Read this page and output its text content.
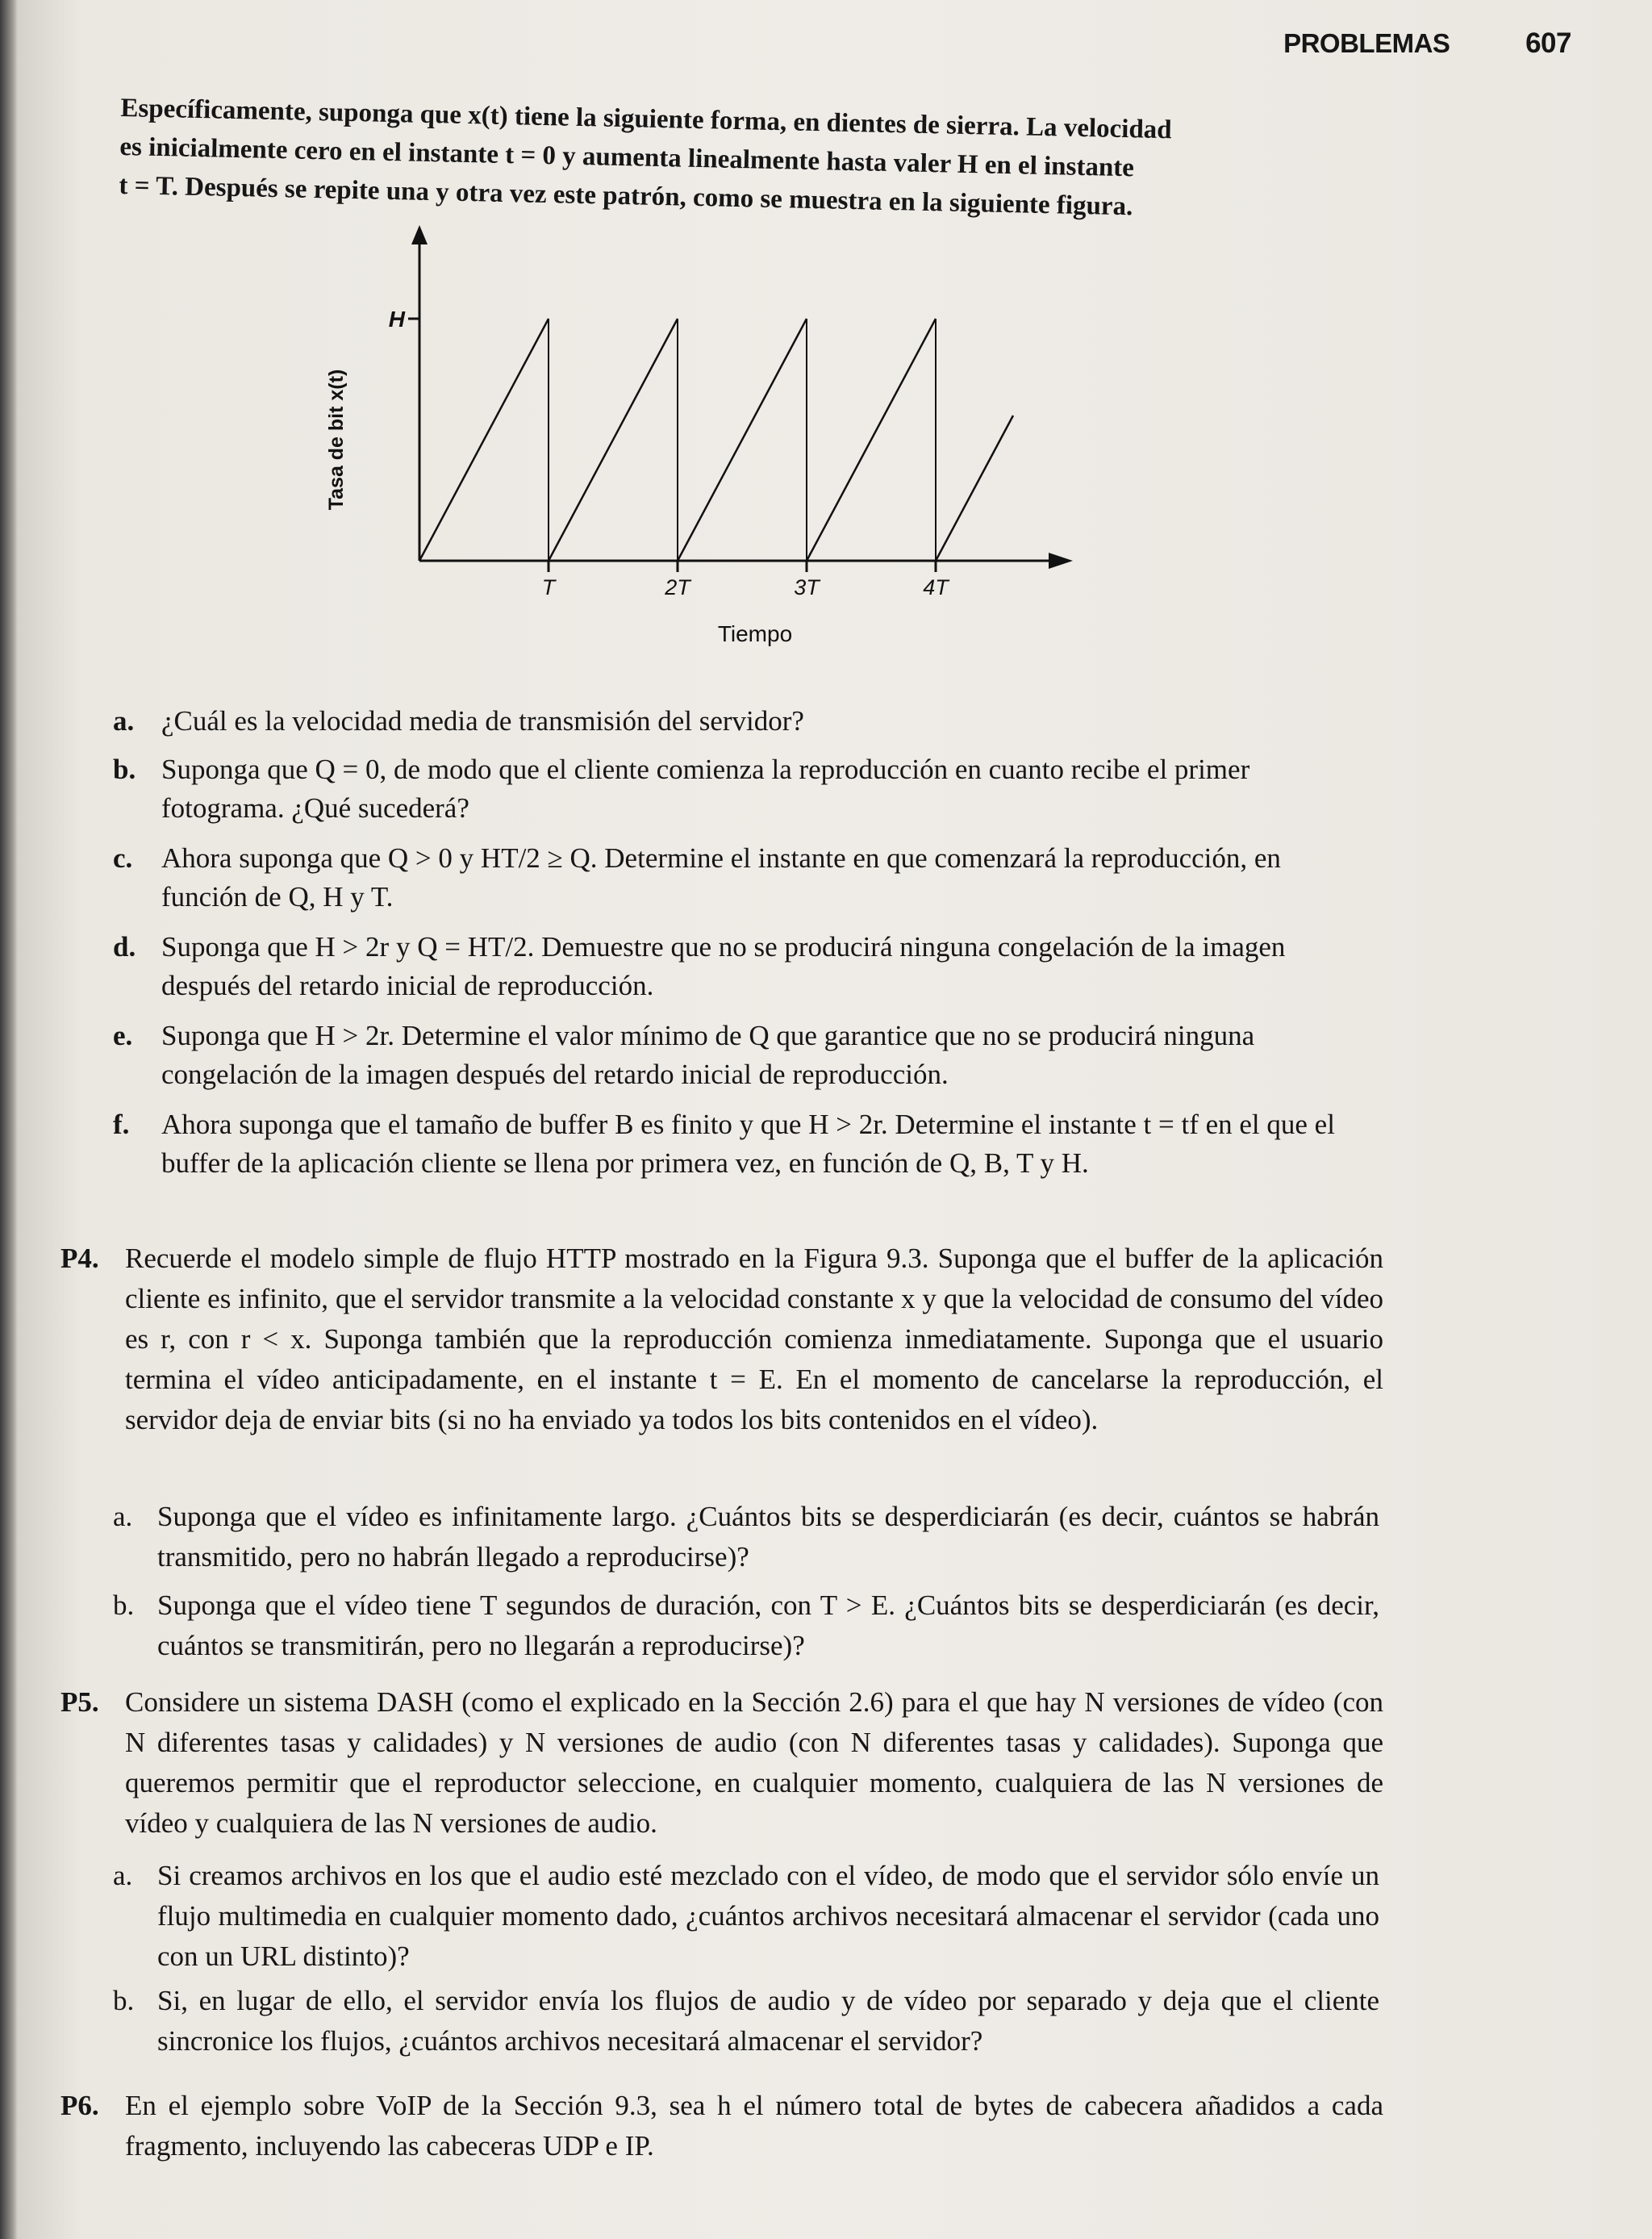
PROBLEMAS	607

Específicamente, suponga que x(t) tiene la siguiente forma, en dientes de sierra. La velocidad

es inicialmente cero en el instante t = 0 y aumenta linealmente hasta valer H en el instante

t = T. Después se repite una y otra vez este patrón, como se muestra en la siguiente figura.

T	2T	3T	4T
Tasa de bit x(t)
Tiempo
H
a. ¿Cuál es la velocidad media de transmisión del servidor?
b. Suponga que Q = 0, de modo que el cliente comienza la reproducción en cuanto recibe el primer fotograma. ¿Qué sucederá?
c. Ahora suponga que Q > 0 y HT/2 ≥ Q. Determine el instante en que comenzará la reproducción, en función de Q, H y T.
d. Suponga que H > 2r y Q = HT/2. Demuestre que no se producirá ninguna congelación de la imagen después del retardo inicial de reproducción.
e. Suponga que H > 2r. Determine el valor mínimo de Q que garantice que no se producirá ninguna congelación de la imagen después del retardo inicial de reproducción.
f. Ahora suponga que el tamaño de buffer B es finito y que H > 2r. Determine el instante t = tf en el que el buffer de la aplicación cliente se llena por primera vez, en función de Q, B, T y H.
P4. Recuerde el modelo simple de flujo HTTP mostrado en la Figura 9.3. Suponga que el buffer de la aplicación cliente es infinito, que el servidor transmite a la velocidad constante x y que la velocidad de consumo del vídeo es r, con r < x. Suponga también que la reproducción comienza inmediatamente. Suponga que el usuario termina el vídeo anticipadamente, en el instante t = E. En el momento de cancelarse la reproducción, el servidor deja de enviar bits (si no ha enviado ya todos los bits contenidos en el vídeo).
a. Suponga que el vídeo es infinitamente largo. ¿Cuántos bits se desperdiciarán (es decir, cuántos se habrán transmitido, pero no habrán llegado a reproducirse)?
b. Suponga que el vídeo tiene T segundos de duración, con T > E. ¿Cuántos bits se desperdiciarán (es decir, cuántos se transmitirán, pero no llegarán a reproducirse)?
P5. Considere un sistema DASH (como el explicado en la Sección 2.6) para el que hay N versiones de vídeo (con N diferentes tasas y calidades) y N versiones de audio (con N diferentes tasas y calidades). Suponga que queremos permitir que el reproductor seleccione, en cualquier momento, cualquiera de las N versiones de vídeo y cualquiera de las N versiones de audio.
a. Si creamos archivos en los que el audio esté mezclado con el vídeo, de modo que el servidor sólo envíe un flujo multimedia en cualquier momento dado, ¿cuántos archivos necesitará almacenar el servidor (cada uno con un URL distinto)?
b. Si, en lugar de ello, el servidor envía los flujos de audio y de vídeo por separado y deja que el cliente sincronice los flujos, ¿cuántos archivos necesitará almacenar el servidor?
P6. En el ejemplo sobre VoIP de la Sección 9.3, sea h el número total de bytes de cabecera añadidos a cada fragmento, incluyendo las cabeceras UDP e IP.
